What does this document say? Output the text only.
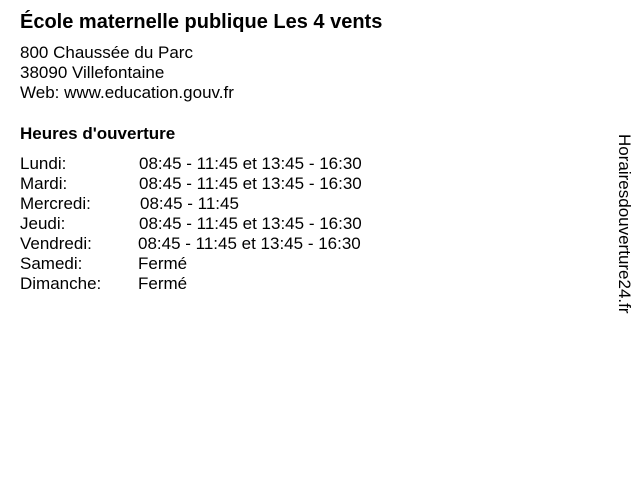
École maternelle publique Les 4 vents
800 Chaussée du Parc
38090 Villefontaine
Web: www.education.gouv.fr
Heures d'ouverture
Lundi:	08:45 - 11:45 et 13:45 - 16:30
Mardi:	08:45 - 11:45 et 13:45 - 16:30
Mercredi:	08:45 - 11:45
Jeudi:	08:45 - 11:45 et 13:45 - 16:30
Vendredi:	08:45 - 11:45 et 13:45 - 16:30
Samedi:	Fermé
Dimanche:	Fermé	Horairesdouverture24.fr
